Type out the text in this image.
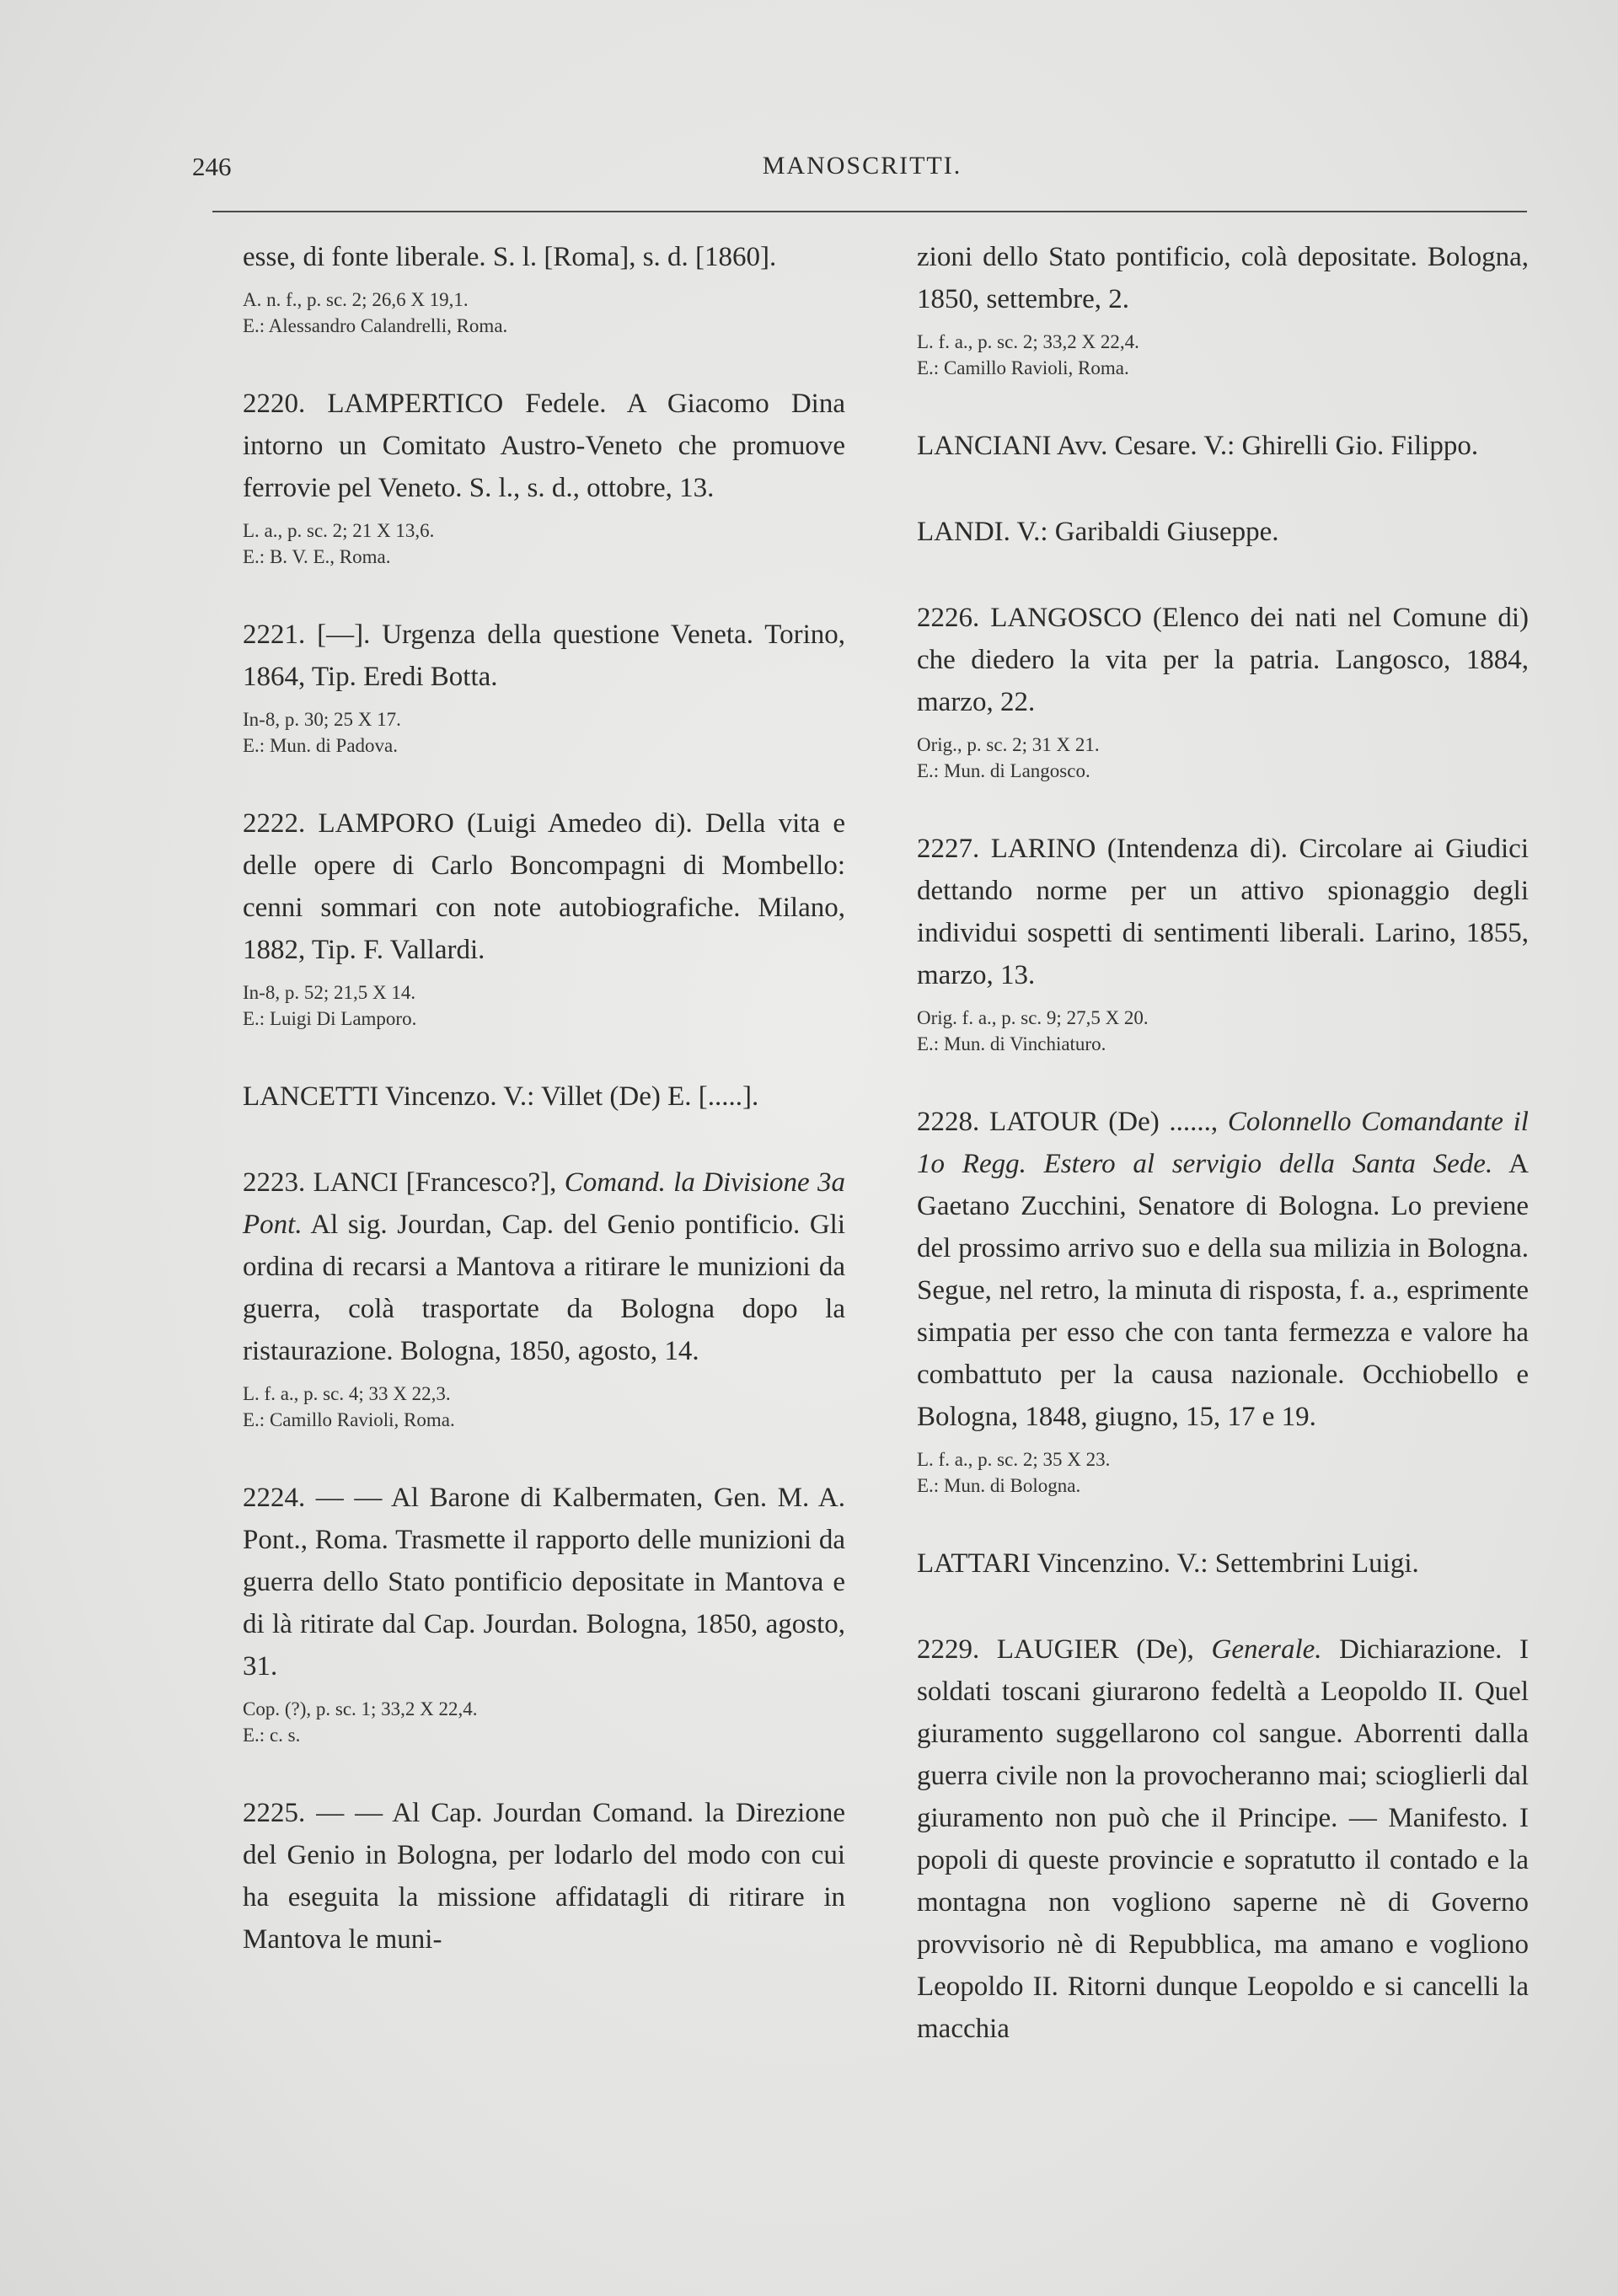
246	MANOSCRITTI.

esse, di fonte liberale. S. l. [Roma], s. d. [1860].

A. n. f., p. sc. 2; 26,6 X 19,1.
E.: Alessandro Calandrelli, Roma.

2220. LAMPERTICO Fedele. A Giacomo Dina intorno un Comitato Austro-Veneto che promuove ferrovie pel Veneto. S. l., s. d., ottobre, 13.

L. a., p. sc. 2; 21 X 13,6.
E.: B. V. E., Roma.

2221. [—]. Urgenza della questione Veneta. Torino, 1864, Tip. Eredi Botta.

In-8, p. 30; 25 X 17.
E.: Mun. di Padova.

2222. LAMPORO (Luigi Amedeo di). Della vita e delle opere di Carlo Boncompagni di Mombello: cenni sommari con note autobiografiche. Milano, 1882, Tip. F. Vallardi.

In-8, p. 52; 21,5 X 14.
E.: Luigi Di Lamporo.

LANCETTI Vincenzo. V.: Villet (De) E. [.....].

2223. LANCI [Francesco?], Comand. la Divisione 3a Pont. Al sig. Jourdan, Cap. del Genio pontificio. Gli ordina di recarsi a Mantova a ritirare le munizioni da guerra, colà trasportate da Bologna dopo la ristaurazione. Bologna, 1850, agosto, 14.

L. f. a., p. sc. 4; 33 X 22,3.
E.: Camillo Ravioli, Roma.

2224. — — Al Barone di Kalbermaten, Gen. M. A. Pont., Roma. Trasmette il rapporto delle munizioni da guerra dello Stato pontificio depositate in Mantova e di là ritirate dal Cap. Jourdan. Bologna, 1850, agosto, 31.

Cop. (?), p. sc. 1; 33,2 X 22,4.
E.: c. s.

2225. — — Al Cap. Jourdan Comand. la Direzione del Genio in Bologna, per lodarlo del modo con cui ha eseguita la missione affidatagli di ritirare in Mantova le muni-

zioni dello Stato pontificio, colà depositate. Bologna, 1850, settembre, 2.

L. f. a., p. sc. 2; 33,2 X 22,4.
E.: Camillo Ravioli, Roma.

LANCIANI Avv. Cesare. V.: Ghirelli Gio. Filippo.

LANDI. V.: Garibaldi Giuseppe.

2226. LANGOSCO (Elenco dei nati nel Comune di) che diedero la vita per la patria. Langosco, 1884, marzo, 22.

Orig., p. sc. 2; 31 X 21.
E.: Mun. di Langosco.

2227. LARINO (Intendenza di). Circolare ai Giudici dettando norme per un attivo spionaggio degli individui sospetti di sentimenti liberali. Larino, 1855, marzo, 13.

Orig. f. a., p. sc. 9; 27,5 X 20.
E.: Mun. di Vinchiaturo.

2228. LATOUR (De) ......, Colonnello Comandante il 1o Regg. Estero al servigio della Santa Sede. A Gaetano Zucchini, Senatore di Bologna. Lo previene del prossimo arrivo suo e della sua milizia in Bologna. Segue, nel retro, la minuta di risposta, f. a., esprimente simpatia per esso che con tanta fermezza e valore ha combattuto per la causa nazionale. Occhiobello e Bologna, 1848, giugno, 15, 17 e 19.

L. f. a., p. sc. 2; 35 X 23.
E.: Mun. di Bologna.

LATTARI Vincenzino. V.: Settembrini Luigi.

2229. LAUGIER (De), Generale. Dichiarazione. I soldati toscani giurarono fedeltà a Leopoldo II. Quel giuramento suggellarono col sangue. Aborrenti dalla guerra civile non la provocheranno mai; scioglierli dal giuramento non può che il Principe. — Manifesto. I popoli di queste provincie e sopratutto il contado e la montagna non vogliono saperne nè di Governo provvisorio nè di Repubblica, ma amano e vogliono Leopoldo II. Ritorni dunque Leopoldo e si cancelli la macchia
